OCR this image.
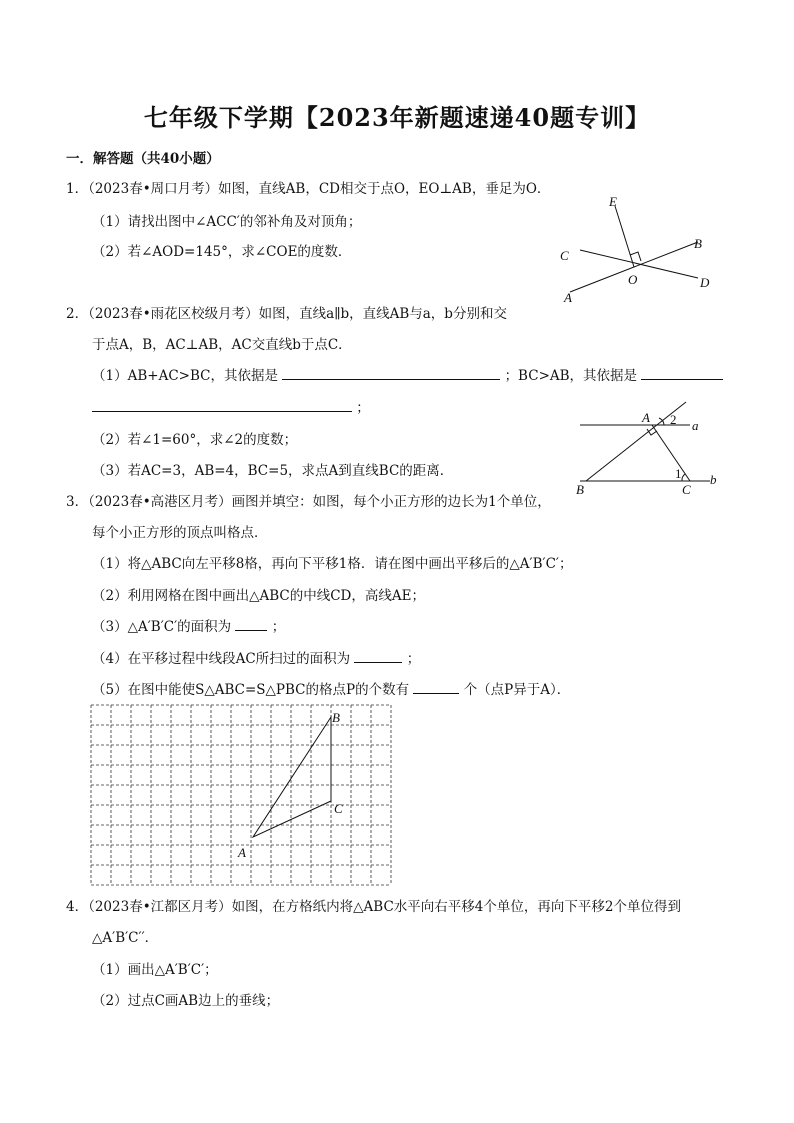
七年级下学期【2023年新题速递40题专训】
一．解答题（共40小题）
1．（2023春•周口月考）如图，直线AB，CD相交于点O，EO⊥AB，垂足为O．
（1）请找出图中∠ACC′的邻补角及对顶角；
（2）若∠AOD=145°，求∠COE的度数．
E
B
C
O	D
A
2．（2023春•雨花区校级月考）如图，直线a∥b，直线AB与a，b分别和交
于点A，B，AC⊥AB，AC交直线b于点C．
（1）AB+AC>BC，其依据是	；BC>AB，其依据是
；
（2）若∠1=60°，求∠2的度数；
（3）若AC=3，AB=4，BC=5，求点A到直线BC的距离．
A 2 a
1
B	C
b
3．（2023春•高港区月考）画图并填空：如图，每个小正方形的边长为1个单位，
每个小正方形的顶点叫格点．
（1）将△ABC向左平移8格，再向下平移1格．请在图中画出平移后的△A′B′C′；
（2）利用网格在图中画出△ABC的中线CD，高线AE；
（3）△A′B′C′的面积为	；
（4）在平移过程中线段AC所扫过的面积为	；
（5）在图中能使S△ABC=S△PBC的格点P的个数有	个（点P异于A）．
B
C
A
4．（2023春•江都区月考）如图，在方格纸内将△ABC水平向右平移4个单位，再向下平移2个单位得到
△A′B′C′′．
（1）画出△A′B′C′；
（2）过点C画AB边上的垂线；
